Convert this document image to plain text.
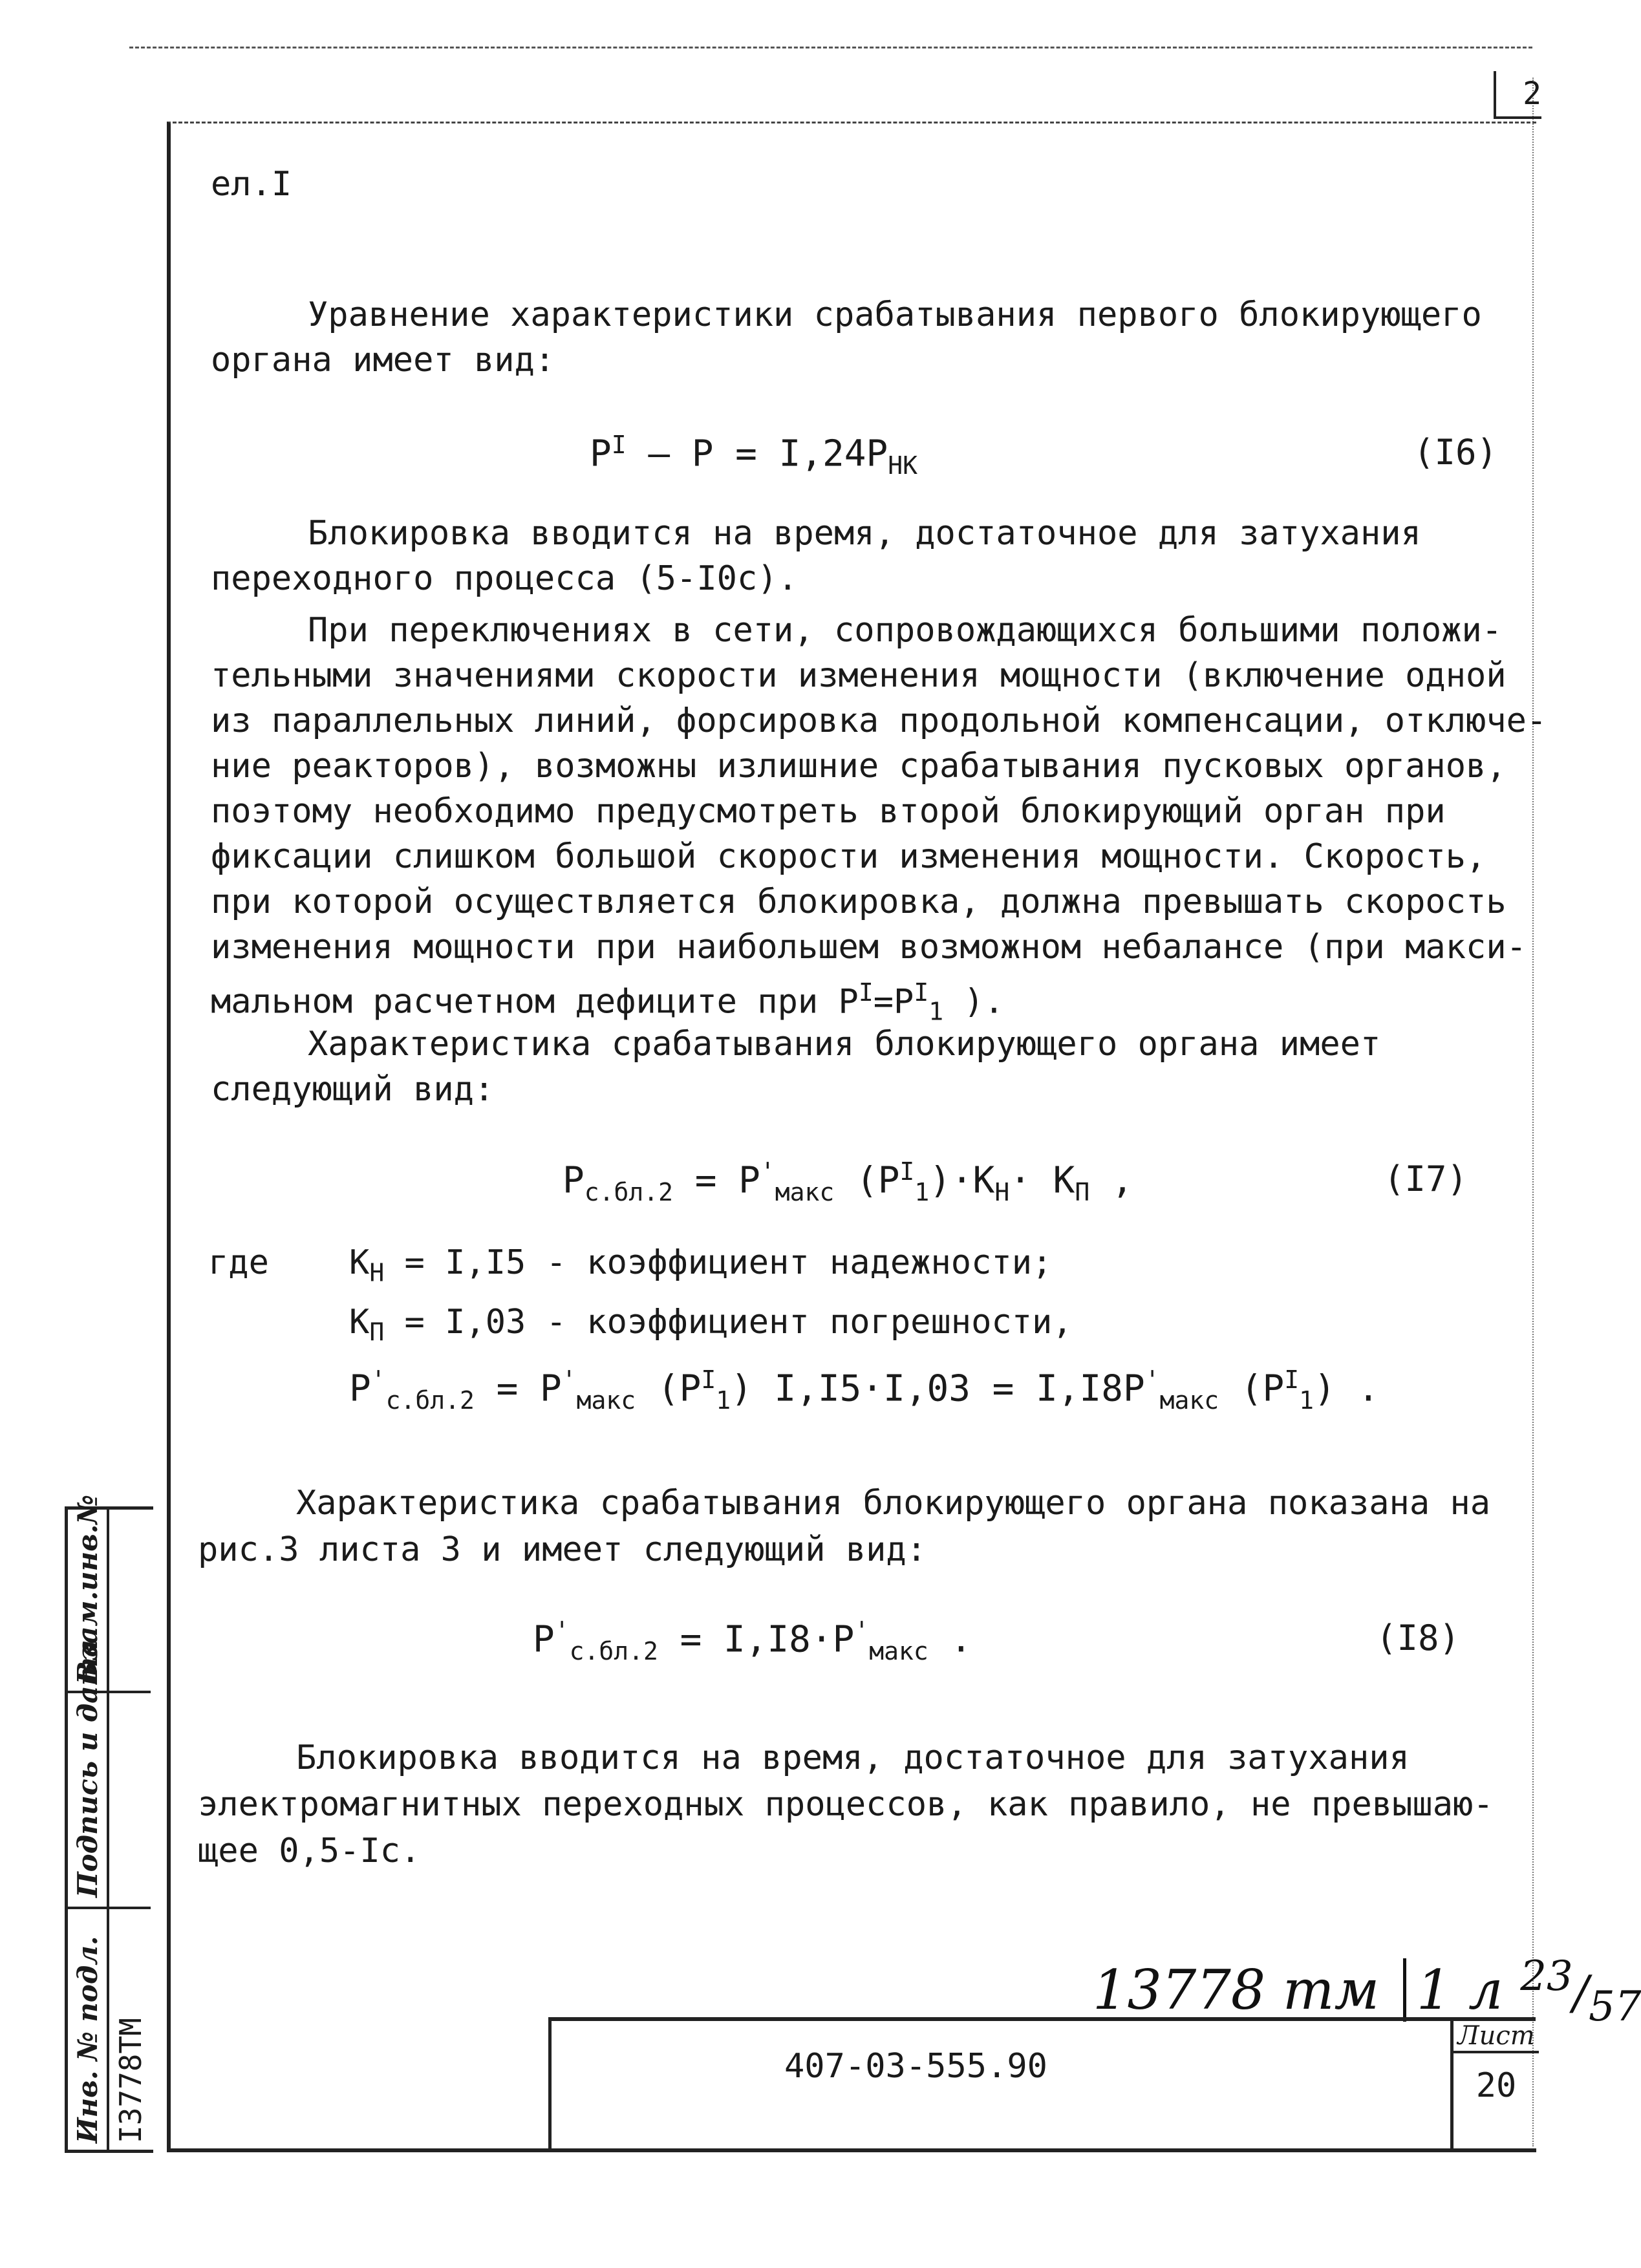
2
ел.I
Уравнение характеристики срабатывания первого блокирующего
органа имеет вид:
$P^I - P = I,24P_{НК}$	(I6)
Блокировка вводится на время, достаточное для затухания
переходного процесса (5-I0с).
При переключениях в сети, сопровождающихся большими положи-
тельными значениями скорости изменения мощности (включение одной
из параллельных линий, форсировка продольной компенсации, отключе-
ние реакторов), возможны излишние срабатывания пусковых органов,
поэтому необходимо предусмотреть второй блокирующий орган при
фиксации слишком большой скорости изменения мощности. Скорость,
при которой осуществляется блокировка, должна превышать скорость
изменения мощности при наибольшем возможном небалансе (при макси-
мальном расчетном дефиците при $P^I=P^I_1$ ).
Характеристика срабатывания блокирующего органа имеет
следующий вид:
$P_{с.бл.2} = P'_{макс}$ $(P^I_1)\cdot K_Н\cdot K_П$ ,	(I7)
где $K_Н = I,I5$ - коэффициент надежности;
$K_П = I,03$ - коэффициент погрешности,
$P'_{с.бл.2} = P'_{макс}$ $(P^I_1) I,I5\cdot I,03 = I,I8P'_{макс}$ $(P^I_1)$ .
Характеристика срабатывания блокирующего органа показана на
рис.3 листа 3 и имеет следующий вид:
$P'_{с.бл.2} = I,I8\cdot P'_{макс}$ .	(I8)
Блокировка вводится на время, достаточное для затухания
электромагнитных переходных процессов, как правило, не превышаю-
щее 0,5-Iс.
13778 тм 1 л $^{23}/_{57}$
407-03-555.90
Лист
20
Взам.инв.№
Подпись и дата
Инв. № подл. I3778ТМ
